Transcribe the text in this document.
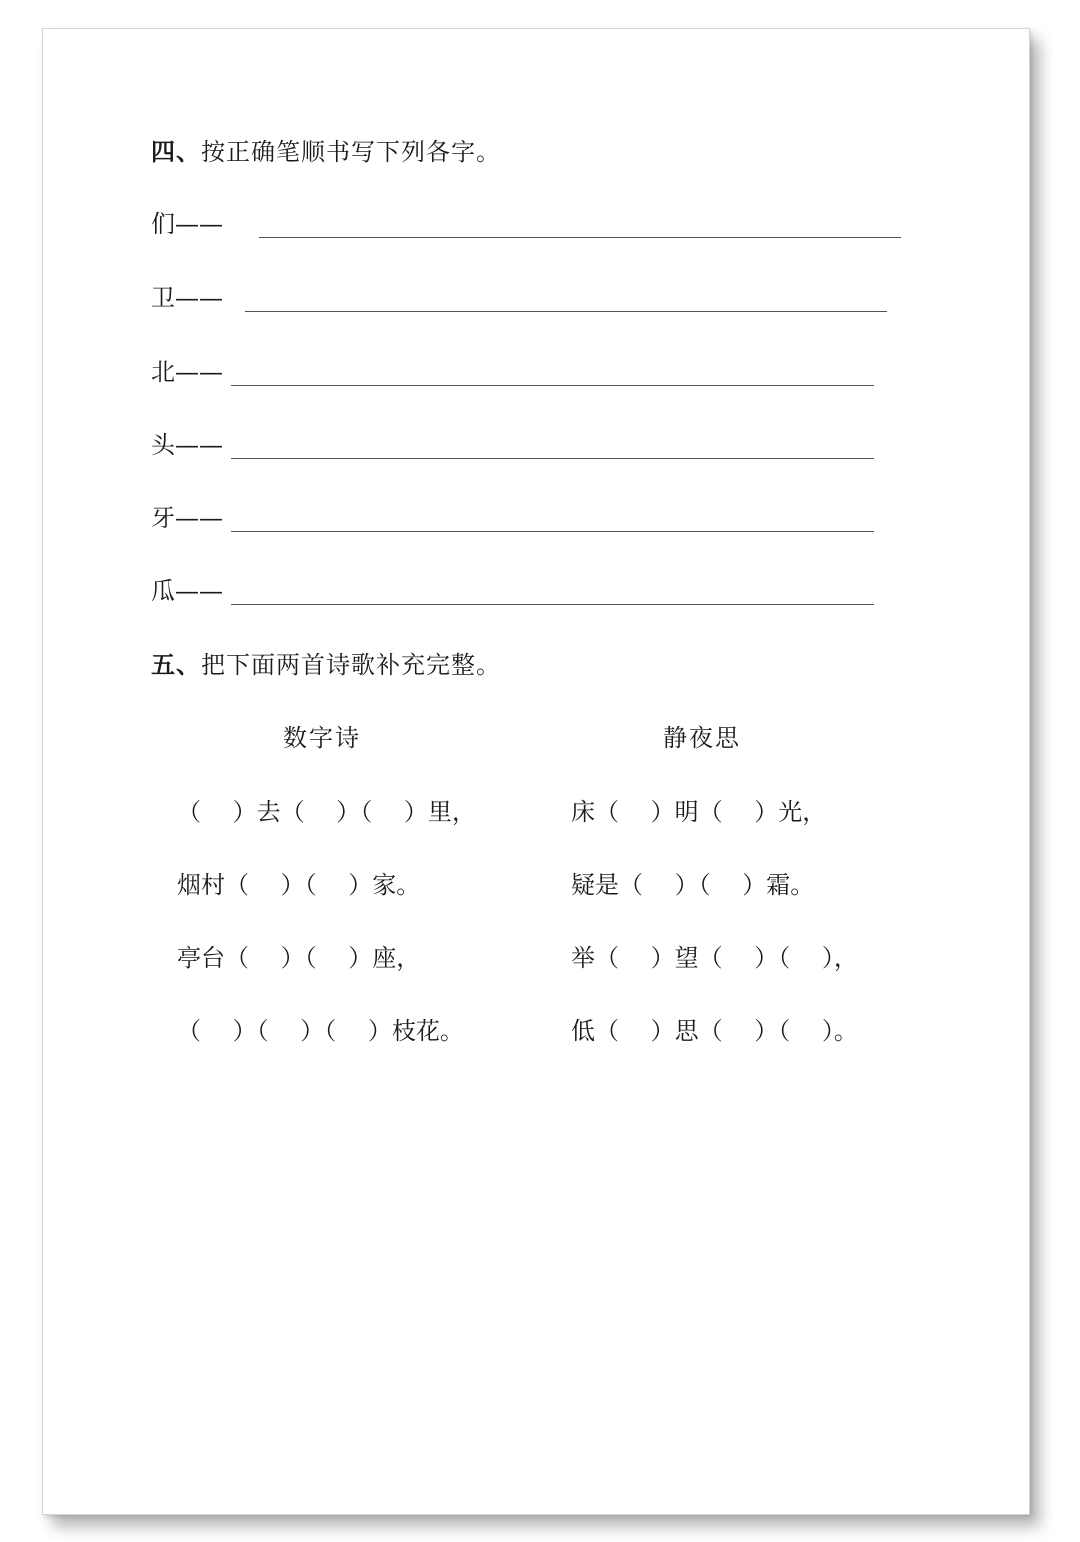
四、按正确笔顺书写下列各字。
们——
卫——
北——
头——
牙——
瓜——
五、把下面两首诗歌补充完整。
数字诗
（　 ）去（　 ）（　 ）里，
烟村（　 ）（　 ）家。
亭台（　 ）（　 ）座，
（　 ）（　 ）（　 ）枝花。
静夜思
床（　 ）明（　 ）光，
疑是（　 ）（　 ）霜。
举（　 ）望（　 ）（　 ），
低（　 ）思（　 ）（　 ）。
